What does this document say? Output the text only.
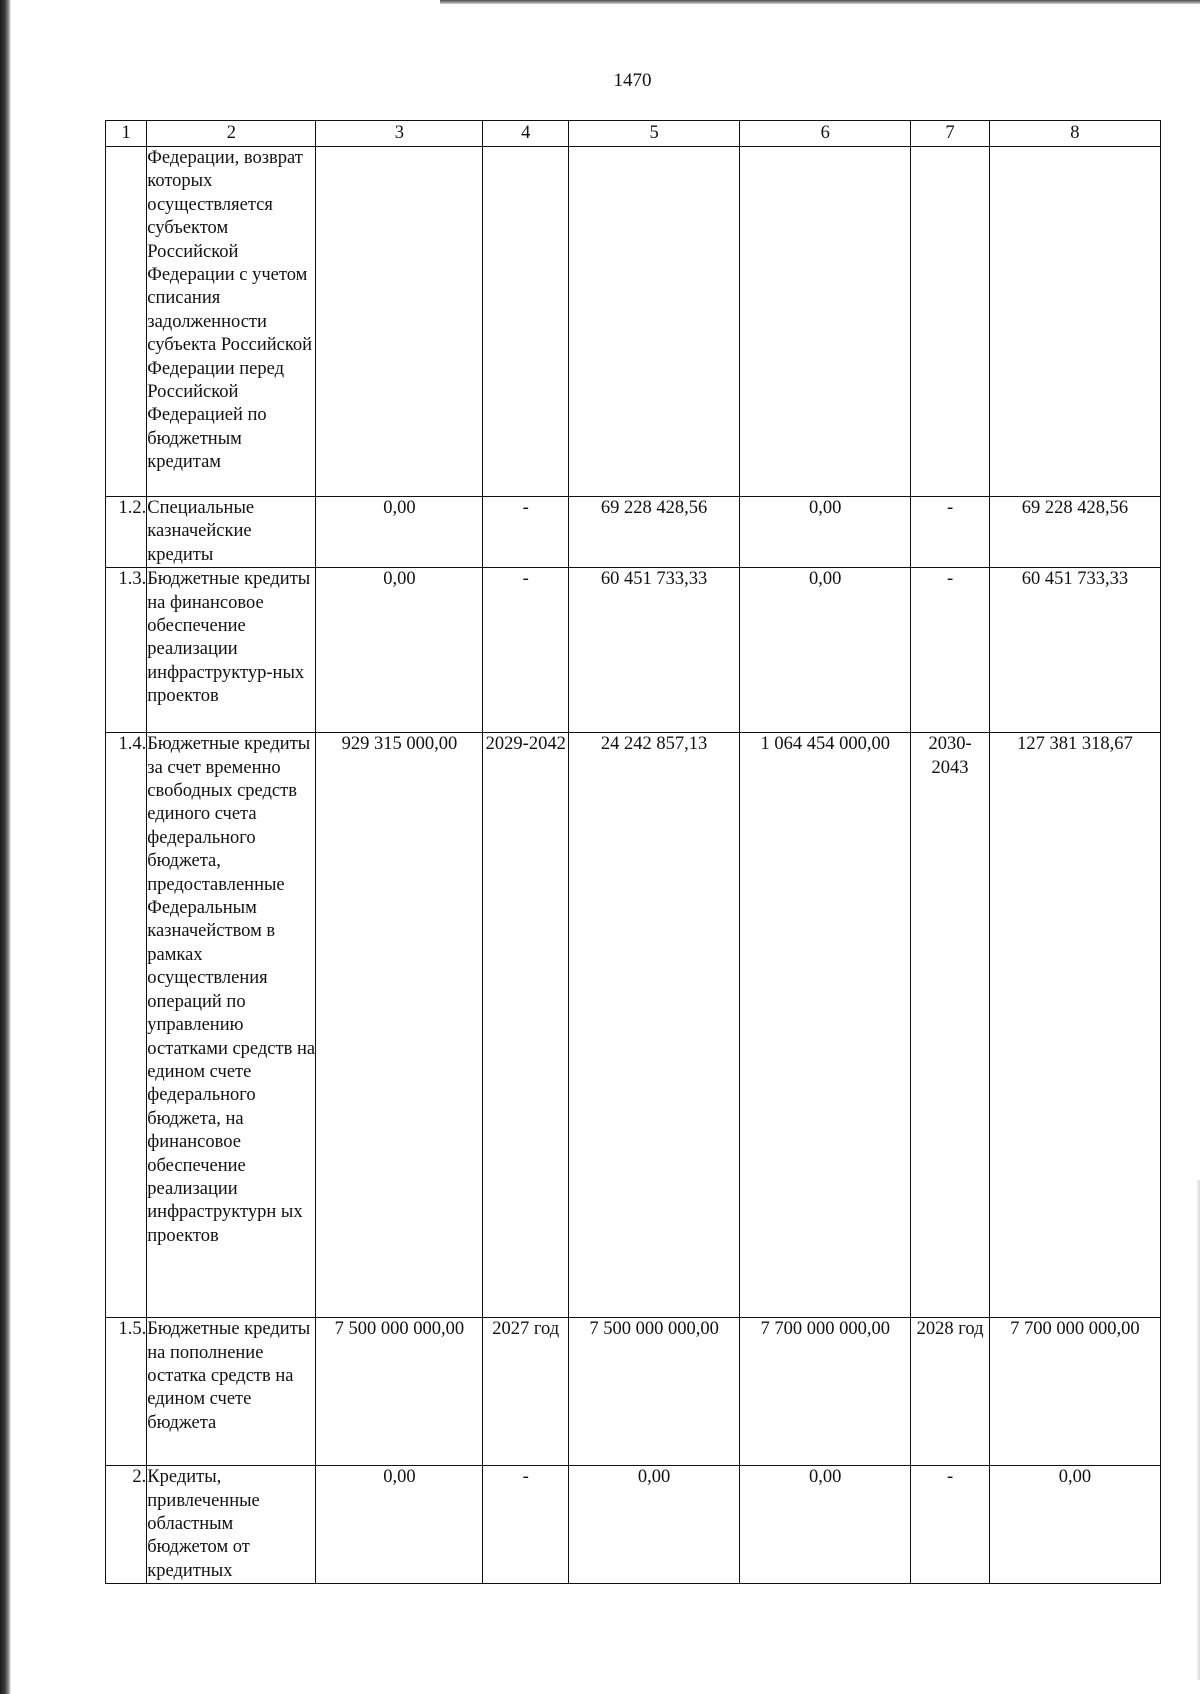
1470
1	2	3	4	5	6	7	8
	Федерации, возврат которых осуществляется субъектом Российской Федерации с учетом списания задолженности субъекта Российской Федерации перед Российской Федерацией по бюджетным кредитам						
1.2.	Специальные казначейские кредиты	0,00	-	69 228 428,56	0,00	-	69 228 428,56
1.3.	Бюджетные кредиты на финансовое обеспечение реализации инфраструктур-ных проектов	0,00	-	60 451 733,33	0,00	-	60 451 733,33
1.4.	Бюджетные кредиты за счет временно свободных средств единого счета федерального бюджета, предоставленные Федеральным казначейством в рамках осуществления операций по управлению остатками средств на едином счете федерального бюджета, на финансовое обеспечение реализации инфраструктурн ых проектов	929 315 000,00	2029-2042	24 242 857,13	1 064 454 000,00	2030-2043	127 381 318,67
1.5.	Бюджетные кредиты на пополнение остатка средств на едином счете бюджета	7 500 000 000,00	2027 год	7 500 000 000,00	7 700 000 000,00	2028 год	7 700 000 000,00
2.	Кредиты, привлеченные областным бюджетом от кредитных	0,00	-	0,00	0,00	-	0,00
